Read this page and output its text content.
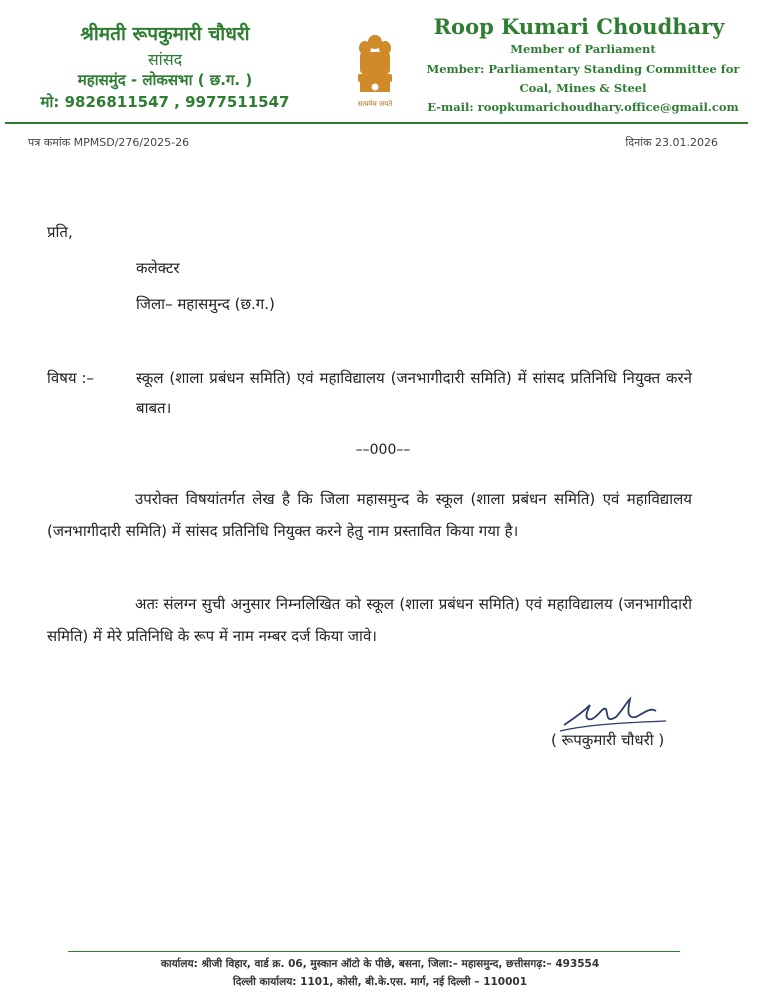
श्रीमती रूपकुमारी चौधरी
सांसद
महासमुंद - लोकसभा ( छ.ग. )
मो: 9826811547 , 9977511547	सत्यमेव जयते
Roop Kumari Choudhary
Member of Parliament
Member: Parliamentary Standing Committee for
Coal, Mines & Steel
E-mail: roopkumarichoudhary.office@gmail.com
पत्र कमांक MPMSD/276/2025-26	दिनांक 23.01.2026
प्रति,
कलेक्टर
जिला– महासमुन्द (छ.ग.)
विषय :–	स्कूल (शाला प्रबंधन समिति) एवं महाविद्यालय (जनभागीदारी समिति) में सांसद प्रतिनिधि नियुक्त करने बाबत।
––000––
उपरोक्त विषयांतर्गत लेख है कि जिला महासमुन्द के स्कूल (शाला प्रबंधन समिति) एवं महाविद्यालय (जनभागीदारी समिति) में सांसद प्रतिनिधि नियुक्त करने हेतु नाम प्रस्तावित किया गया है।
अतः संलग्न सुची अनुसार निम्नलिखित को स्कूल (शाला प्रबंधन समिति) एवं महाविद्यालय (जनभागीदारी समिति) में मेरे प्रतिनिधि के रूप में नाम नम्बर दर्ज किया जावे।
( रूपकुमारी चौधरी )
कार्यालय: श्रीजी विहार, वार्ड क्र. 06, मुस्कान ऑटो के पीछे, बसना, जिला:– महासमुन्द, छत्तीसगढ़:– 493554
दिल्ली कार्यालय: 1101, कोसी, बी.के.एस. मार्ग, नई दिल्ली – 110001
